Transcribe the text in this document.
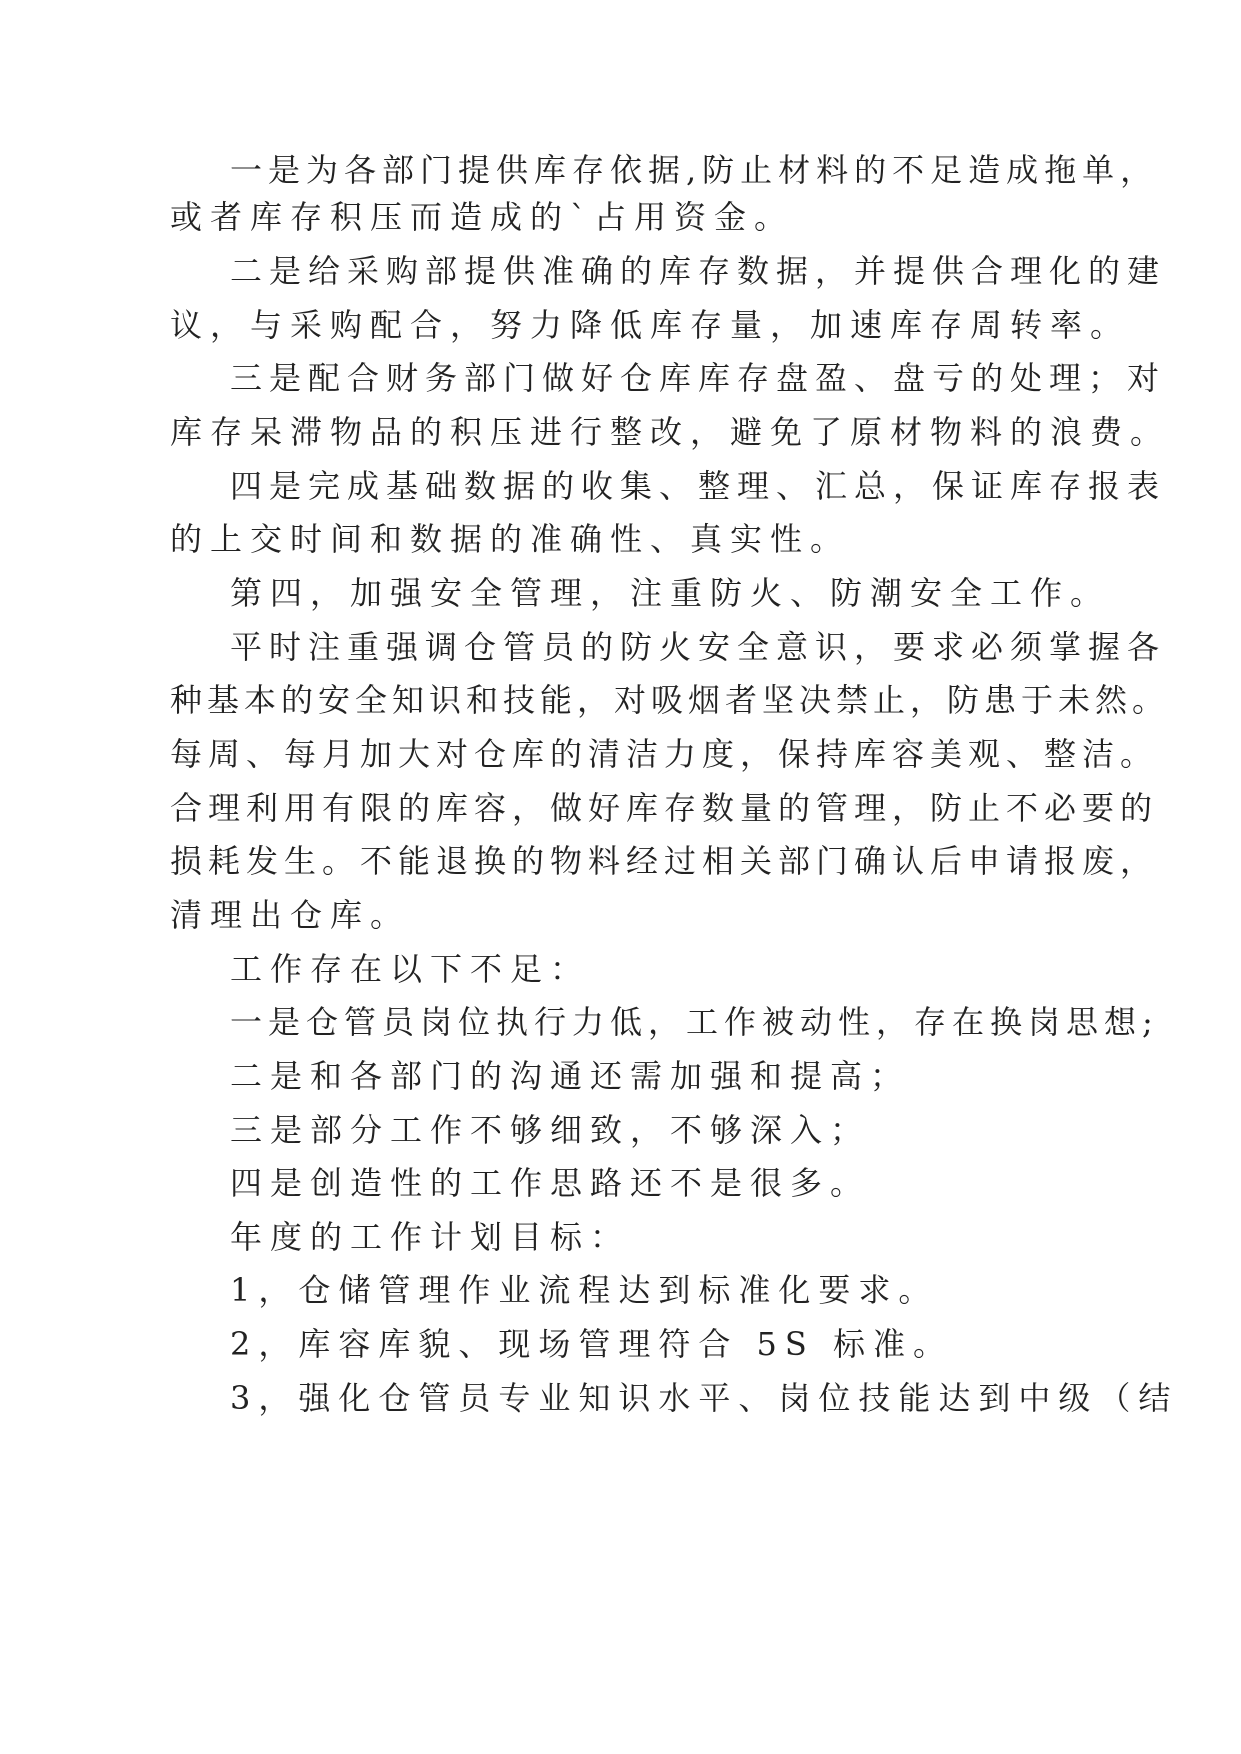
一是为各部门提供库存依据,防止材料的不足造成拖单，
或者库存积压而造成的`占用资金。
二是给采购部提供准确的库存数据，并提供合理化的建
议，与采购配合，努力降低库存量，加速库存周转率。
三是配合财务部门做好仓库库存盘盈、盘亏的处理；对
库存呆滞物品的积压进行整改，避免了原材物料的浪费。
四是完成基础数据的收集、整理、汇总，保证库存报表
的上交时间和数据的准确性、真实性。
第四，加强安全管理，注重防火、防潮安全工作。
平时注重强调仓管员的防火安全意识，要求必须掌握各
种基本的安全知识和技能，对吸烟者坚决禁止，防患于未然。
每周、每月加大对仓库的清洁力度，保持库容美观、整洁。
合理利用有限的库容，做好库存数量的管理，防止不必要的
损耗发生。不能退换的物料经过相关部门确认后申请报废，
清理出仓库。
工作存在以下不足：
一是仓管员岗位执行力低，工作被动性，存在换岗思想;
二是和各部门的沟通还需加强和提高；
三是部分工作不够细致，不够深入；
四是创造性的工作思路还不是很多。
年度的工作计划目标：
1，仓储管理作业流程达到标准化要求。
2，库容库貌、现场管理符合 5S 标准。
3，强化仓管员专业知识水平、岗位技能达到中级（结
